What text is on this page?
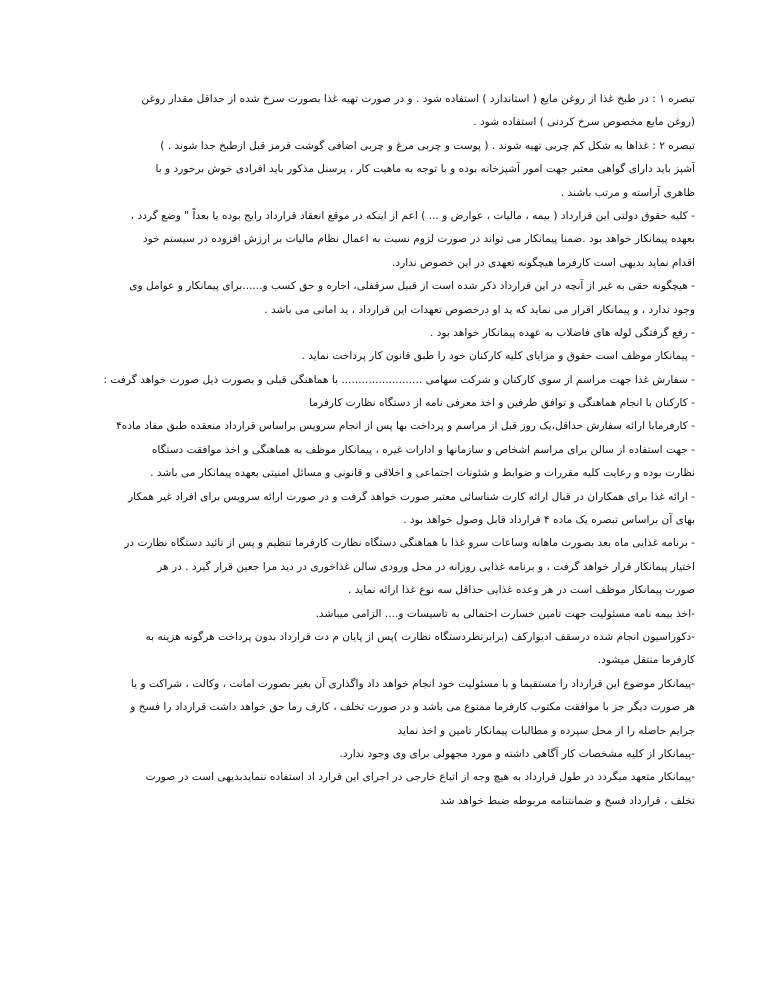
تبصره ۱ : در طبخ غذا از روغن مایع ( استاندارد ) استفاده شود . و در صورت تهیه غذا بصورت سرخ شده از حداقل مقدار روغن
(روغن مایع مخصوص سرخ کردنی ) استفاده شود .
تبصره ۲ : غذاها به شکل کم چربی تهیه شوند . ( پوست و چربی مرغ و چربی اضافی گوشت قرمز قبل ازطبخ جدا شوند . )
آشپز باید دارای گواهی معتبر جهت امور آشپزخانه بوده و با توجه به ماهیت کار ، پرسنل مذکور باید افرادی خوش برخورد و با
ظاهری آراسته و مرتب باشند .
- کلیه حقوق دولتی این قرارداد ( بیمه ، مالیات ، عوارض و ... ) اعم از اینکه در موقع انعقاد قرارداد رایج بوده یا بعداً " وضع گردد ،
بعهده پیمانکار خواهد بود .ضمنا پیمانکار می تواند در صورت لزوم نسبت به اعمال نظام مالیات بر ارزش افزوده در سیستم خود
اقدام نماید بدیهی است کارفرما هیچگونه تعهدی در این خصوص ندارد.
- هیچگونه حقی به غیر از آنچه در این قرارداد ذکر شده است از قبیل سرقفلی، اجاره و حق کسب و......برای پیمانکار و عوامل وی
وجود ندارد ، و پیمانکار اقرار می نماید که ید او درخصوص تعهدات این قرارداد ، ید امانی می باشد .
- رفع گرفتگی لوله های فاضلاب به عهده پیمانکار خواهد بود .
- پیمانکار موظف است حقوق و مزایای کلیه کارکنان خود را طبق قانون کار پرداخت نماید .
- سفارش غذا جهت مراسم از سوی کارکنان و شرکت سهامی ........................ با هماهنگی قبلی و بصورت ذیل صورت خواهد گرفت :
- کارکنان با انجام هماهنگی و توافق طرفین و اخذ معرفی نامه از دستگاه نظارت کارفرما
- کارفرمابا ارائه سفارش حداقل،یک روز قبل از مراسم و پرداخت بها پس از انجام سرویس براساس قرارداد منعقده طبق مفاد ماده۴
- جهت استفاده از سالن برای مراسم اشخاص و سازمانها و ادارات غیره ، پیمانکار موظف به هماهنگی و اخذ موافقت دستگاه
نظارت بوده و رعایت کلیه مقررات و ضوابط و شئونات اجتماعی و اخلاقی و قانونی و مسائل امنیتی بعهده پیمانکار می باشد .
- ارائه غذا برای همکاران در قبال ارائه کارت شناسائی معتبر صورت خواهد گرفت و در صورت ارائه سرویس برای افراد غیر همکار
بهای آن براساس تبصره یک ماده ۴ قرارداد قابل وصول خواهد بود .
- برنامه غذایی ماه بعد بصورت ماهانه وساعات سرو غذا با هماهنگی دستگاه نظارت کارفرما تنظیم و پس از تائید دستگاه نظارت در
اختیار پیمانکار قرار خواهد گرفت ، و برنامه غذایی روزانه در محل ورودی سالن غذاخوری در دید مرا جعین قرار گیرد . در هر
صورت پیمانکار موظف است در هر وعده غذایی حداقل سه نوع غذا ارائه نماید .
-اخذ بیمه نامه مسئولیت جهت تامین خسارت احتمالی به تاسیسات و.... الزامی میباشد.
-دکوراسیون انجام شده درسقف ادیوارکف (برابرنظردستگاه نظارت )پس از پایان م دت قرارداد بدون پرداخت هرگونه هزینه به
کارفرما منتقل میشود.
-پیمانکار موضوع این قرارداد را مستقیما و با مسئولیت خود انجام خواهد داد واگذاری آن بغیر بصورت امانت ، وکالت ، شراکت و یا
هر صورت دیگر جز با موافقت مکتوب کارفرما ممنوع می باشد و در صورت تخلف ، کارف رما حق خواهد داشت قرارداد را فسخ و
جرایم حاصله را از محل سپرده و مطالبات پیمانکار تامین و اخذ نماید
-پیمانکار از کلیه مشخصات کار آگاهی داشته و مورد مجهولی برای وی وجود ندارد.
-پیمانکار متعهد میگردد در طول قرارداد به هیچ وجه از اتباع خارجی در اجرای این قرارد اد استفاده ننمایدبدیهی است در صورت
تخلف ، قرارداد فسخ و ضمانتنامه مربوطه ضبط خواهد شد
